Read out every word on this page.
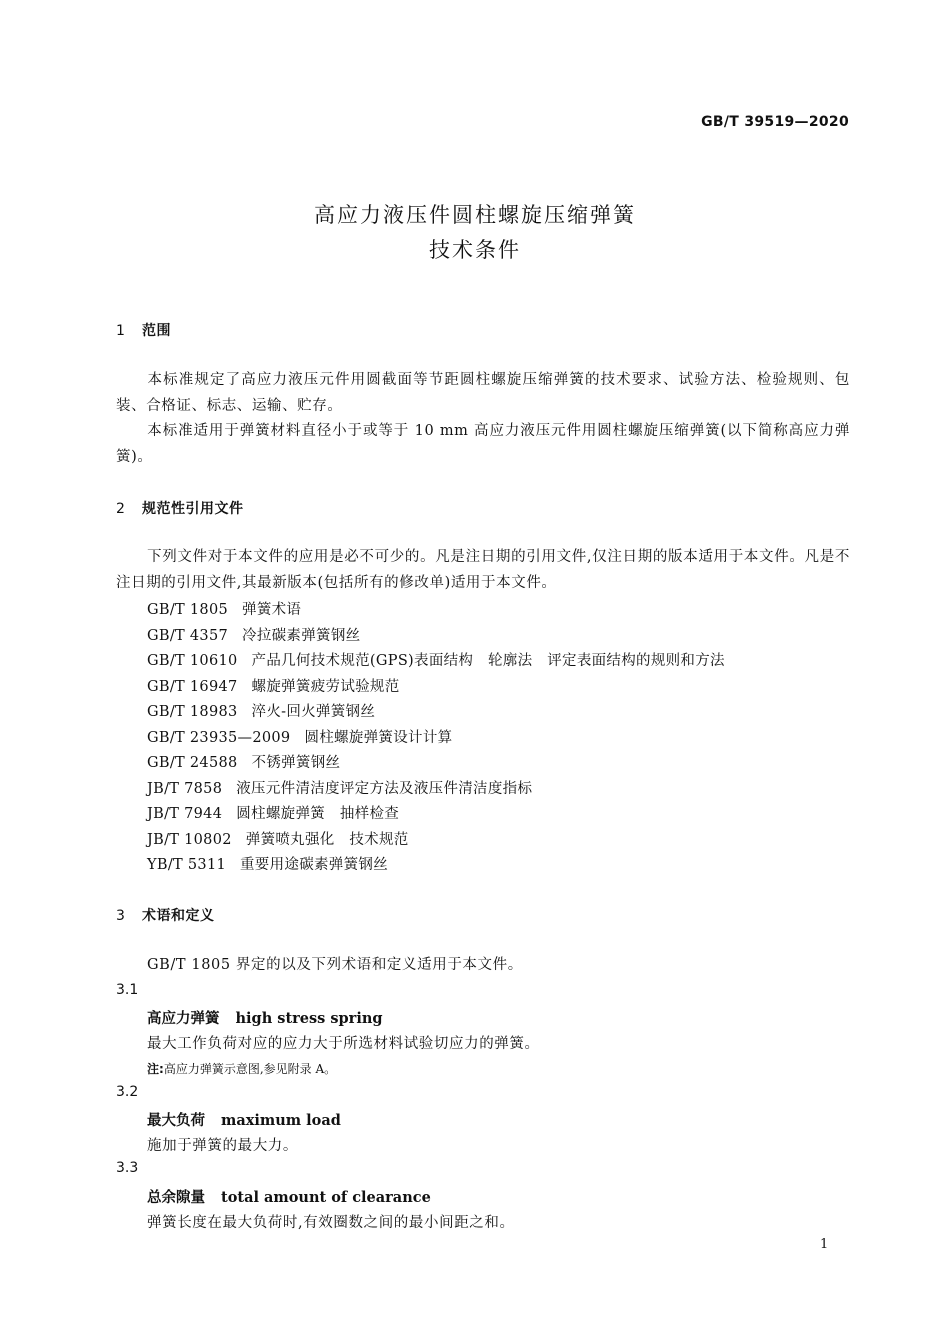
GB/T 39519—2020
高应力液压件圆柱螺旋压缩弹簧
技术条件
1 范围
本标准规定了高应力液压元件用圆截面等节距圆柱螺旋压缩弹簧的技术要求、试验方法、检验规则、包装、合格证、标志、运输、贮存。
本标准适用于弹簧材料直径小于或等于 10 mm 高应力液压元件用圆柱螺旋压缩弹簧(以下简称高应力弹簧)。
2 规范性引用文件
下列文件对于本文件的应用是必不可少的。凡是注日期的引用文件,仅注日期的版本适用于本文件。凡是不注日期的引用文件,其最新版本(包括所有的修改单)适用于本文件。
GB/T 1805 弹簧术语
GB/T 4357 冷拉碳素弹簧钢丝
GB/T 10610 产品几何技术规范(GPS)表面结构　轮廓法　评定表面结构的规则和方法
GB/T 16947 螺旋弹簧疲劳试验规范
GB/T 18983 淬火-回火弹簧钢丝
GB/T 23935—2009 圆柱螺旋弹簧设计计算
GB/T 24588 不锈弹簧钢丝
JB/T 7858 液压元件清洁度评定方法及液压件清洁度指标
JB/T 7944 圆柱螺旋弹簧　抽样检查
JB/T 10802 弹簧喷丸强化　技术规范
YB/T 5311 重要用途碳素弹簧钢丝
3 术语和定义
GB/T 1805 界定的以及下列术语和定义适用于本文件。
3.1
高应力弹簧 high stress spring
最大工作负荷对应的应力大于所选材料试验切应力的弹簧。
注:高应力弹簧示意图,参见附录 A。
3.2
最大负荷 maximum load
施加于弹簧的最大力。
3.3
总余隙量 total amount of clearance
弹簧长度在最大负荷时,有效圈数之间的最小间距之和。
1
